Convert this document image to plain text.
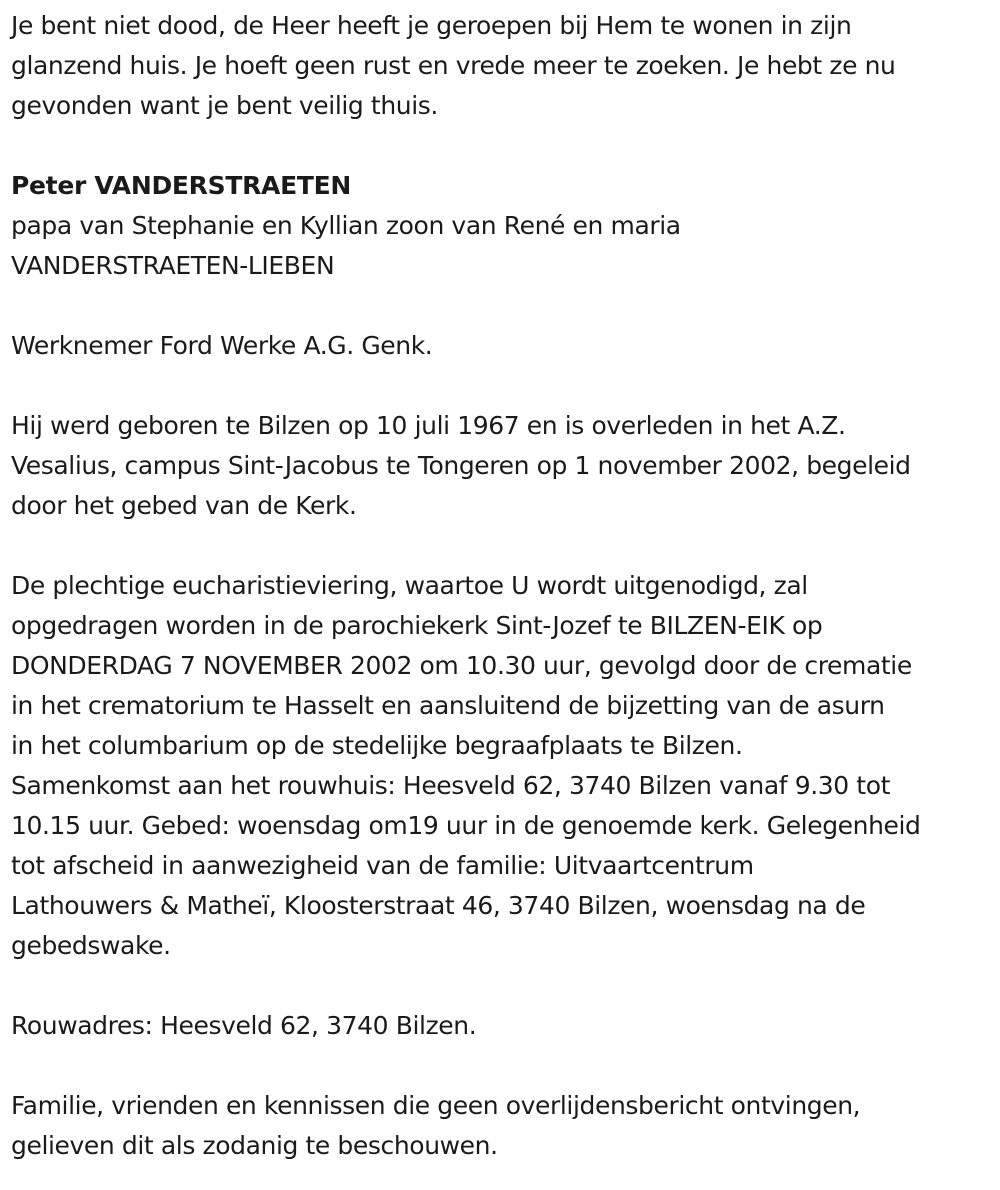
Je bent niet dood, de Heer heeft je geroepen bij Hem te wonen in zijn
glanzend huis. Je hoeft geen rust en vrede meer te zoeken. Je hebt ze nu
gevonden want je bent veilig thuis.

Peter VANDERSTRAETEN

papa van Stephanie en Kyllian zoon van René en maria
VANDERSTRAETEN-LIEBEN

Werknemer Ford Werke A.G. Genk.

Hij werd geboren te Bilzen op 10 juli 1967 en is overleden in het A.Z.
Vesalius, campus Sint-Jacobus te Tongeren op 1 november 2002, begeleid
door het gebed van de Kerk.

De plechtige eucharistieviering, waartoe U wordt uitgenodigd, zal
opgedragen worden in de parochiekerk Sint-Jozef te BILZEN-EIK op
DONDERDAG 7 NOVEMBER 2002 om 10.30 uur, gevolgd door de crematie
in het crematorium te Hasselt en aansluitend de bijzetting van de asurn
in het columbarium op de stedelijke begraafplaats te Bilzen.
Samenkomst aan het rouwhuis: Heesveld 62, 3740 Bilzen vanaf 9.30 tot
10.15 uur. Gebed: woensdag om19 uur in de genoemde kerk. Gelegenheid
tot afscheid in aanwezigheid van de familie: Uitvaartcentrum
Lathouwers & Matheï, Kloosterstraat 46, 3740 Bilzen, woensdag na de
gebedswake.

Rouwadres: Heesveld 62, 3740 Bilzen.

Familie, vrienden en kennissen die geen overlijdensbericht ontvingen,
gelieven dit als zodanig te beschouwen.
